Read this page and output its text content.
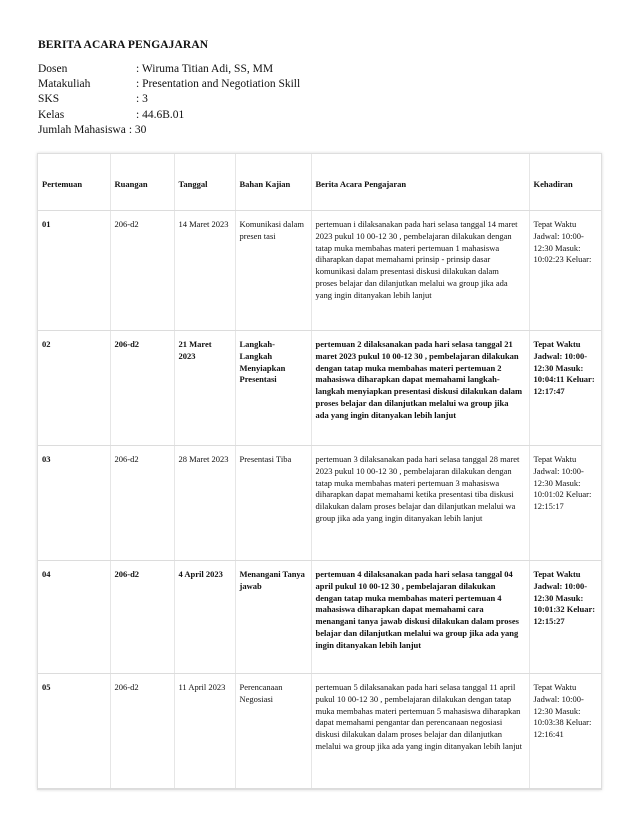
BERITA ACARA PENGAJARAN
Dosen	: Wiruma Titian Adi, SS, MM
Matakuliah	: Presentation and Negotiation Skill
SKS	: 3
Kelas	: 44.6B.01
Jumlah Mahasiswa : 30
Pertemuan	Ruangan	Tanggal	Bahan Kajian	Berita Acara Pengajaran	Kehadiran
01	206-d2	14 Maret 2023	Komunikasi dalam presen tasi	pertemuan i dilaksanakan pada hari selasa tanggal 14 maret 2023 pukul 10 00-12 30 , pembelajaran dilakukan dengan tatap muka membahas materi pertemuan 1 mahasiswa diharapkan dapat memahami prinsip - prinsip dasar komunikasi dalam presentasi diskusi dilakukan dalam proses belajar dan dilanjutkan melalui wa group jika ada yang ingin ditanyakan lebih lanjut	Tepat Waktu Jadwal: 10:00-12:30 Masuk: 10:02:23 Keluar:
02	206-d2	21 Maret 2023	Langkah-Langkah Menyiapkan Presentasi	pertemuan 2 dilaksanakan pada hari selasa tanggal 21 maret 2023 pukul 10 00-12 30 , pembelajaran dilakukan dengan tatap muka membahas materi pertemuan 2 mahasiswa diharapkan dapat memahami langkah-langkah menyiapkan presentasi diskusi dilakukan dalam proses belajar dan dilanjutkan melalui wa group jika ada yang ingin ditanyakan lebih lanjut	Tepat Waktu Jadwal: 10:00-12:30 Masuk: 10:04:11 Keluar: 12:17:47
03	206-d2	28 Maret 2023	Presentasi Tiba	pertemuan 3 dilaksanakan pada hari selasa tanggal 28 maret 2023 pukul 10 00-12 30 , pembelajaran dilakukan dengan tatap muka membahas materi pertemuan 3 mahasiswa diharapkan dapat memahami ketika presentasi tiba diskusi dilakukan dalam proses belajar dan dilanjutkan melalui wa group jika ada yang ingin ditanyakan lebih lanjut	Tepat Waktu Jadwal: 10:00-12:30 Masuk: 10:01:02 Keluar: 12:15:17
04	206-d2	4 April 2023	Menangani Tanya jawab	pertemuan 4 dilaksanakan pada hari selasa tanggal 04 april pukul 10 00-12 30 , pembelajaran dilakukan dengan tatap muka membahas materi pertemuan 4 mahasiswa diharapkan dapat memahami cara menangani tanya jawab diskusi dilakukan dalam proses belajar dan dilanjutkan melalui wa group jika ada yang ingin ditanyakan lebih lanjut	Tepat Waktu Jadwal: 10:00-12:30 Masuk: 10:01:32 Keluar: 12:15:27
05	206-d2	11 April 2023	Perencanaan Negosiasi	pertemuan 5 dilaksanakan pada hari selasa tanggal 11 april pukul 10 00-12 30 , pembelajaran dilakukan dengan tatap muka membahas materi pertemuan 5 mahasiswa diharapkan dapat memahami pengantar dan perencanaan negosiasi diskusi dilakukan dalam proses belajar dan dilanjutkan melalui wa group jika ada yang ingin ditanyakan lebih lanjut	Tepat Waktu Jadwal: 10:00-12:30 Masuk: 10:03:38 Keluar: 12:16:41
